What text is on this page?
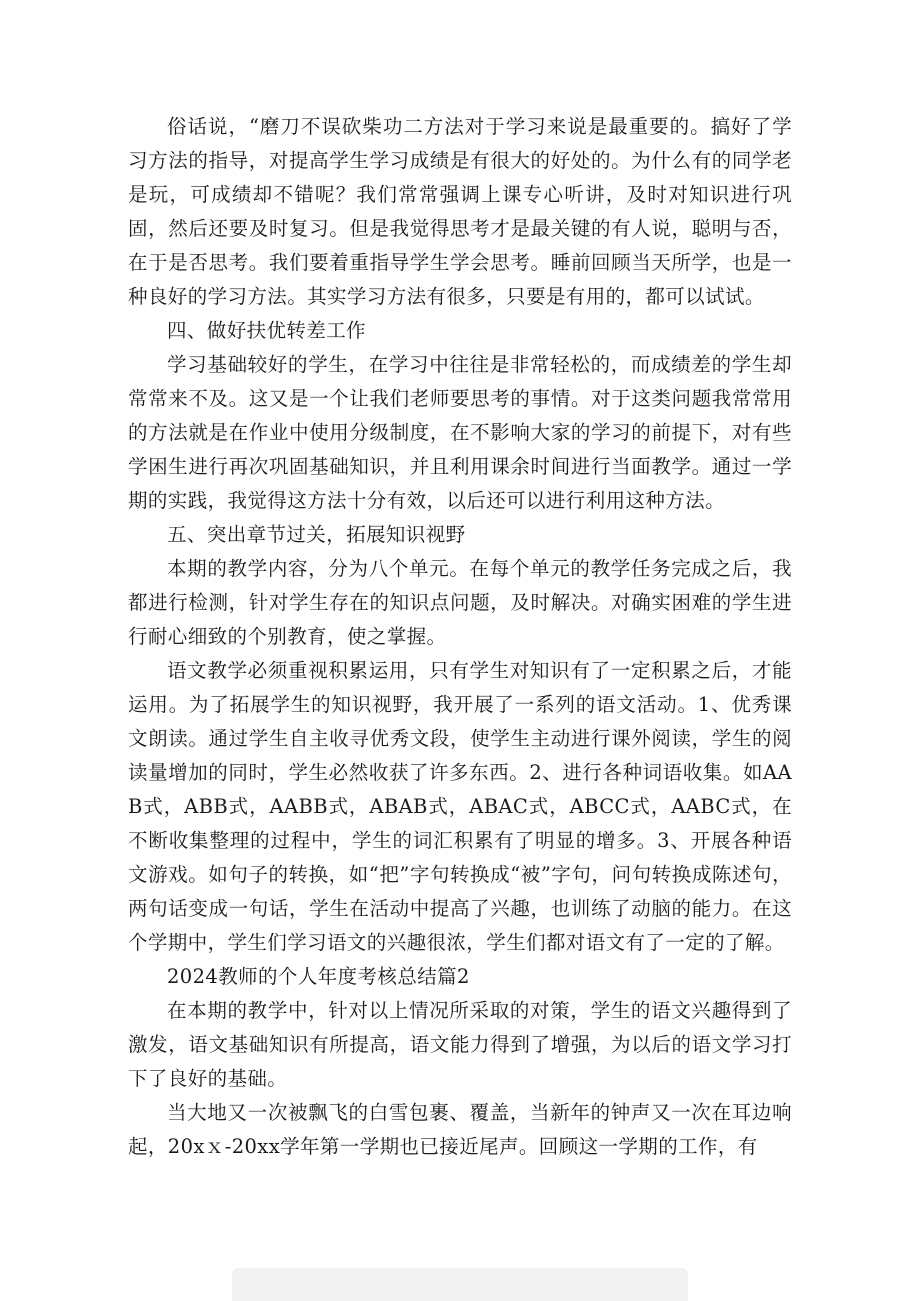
俗话说，“磨刀不误砍柴功二方法对于学习来说是最重要的。搞好了学习方法的指导，对提高学生学习成绩是有很大的好处的。为什么有的同学老是玩，可成绩却不错呢？我们常常强调上课专心听讲，及时对知识进行巩固，然后还要及时复习。但是我觉得思考才是最关键的有人说，聪明与否，在于是否思考。我们要着重指导学生学会思考。睡前回顾当天所学，也是一种良好的学习方法。其实学习方法有很多，只要是有用的，都可以试试。

四、做好扶优转差工作

学习基础较好的学生，在学习中往往是非常轻松的，而成绩差的学生却常常来不及。这又是一个让我们老师要思考的事情。对于这类问题我常常用的方法就是在作业中使用分级制度，在不影响大家的学习的前提下，对有些学困生进行再次巩固基础知识，并且利用课余时间进行当面教学。通过一学期的实践，我觉得这方法十分有效，以后还可以进行利用这种方法。

五、突出章节过关，拓展知识视野

本期的教学内容，分为八个单元。在每个单元的教学任务完成之后，我都进行检测，针对学生存在的知识点问题，及时解决。对确实困难的学生进行耐心细致的个别教育，使之掌握。

语文教学必须重视积累运用，只有学生对知识有了一定积累之后，才能运用。为了拓展学生的知识视野，我开展了一系列的语文活动。1、优秀课文朗读。通过学生自主收寻优秀文段，使学生主动进行课外阅读，学生的阅读量增加的同时，学生必然收获了许多东西。2、进行各种词语收集。如AAB式，ABB式，AABB式，ABAB式，ABAC式，ABCC式，AABC式，在不断收集整理的过程中，学生的词汇积累有了明显的增多。3、开展各种语文游戏。如句子的转换，如“把”字句转换成“被”字句，问句转换成陈述句，两句话变成一句话，学生在活动中提高了兴趣，也训练了动脑的能力。在这个学期中，学生们学习语文的兴趣很浓，学生们都对语文有了一定的了解。

2024教师的个人年度考核总结篇2

在本期的教学中，针对以上情况所采取的对策，学生的语文兴趣得到了激发，语文基础知识有所提高，语文能力得到了增强，为以后的语文学习打下了良好的基础。

当大地又一次被飘飞的白雪包裹、覆盖，当新年的钟声又一次在耳边响起，20xｘ-20xx学年第一学期也已接近尾声。回顾这一学期的工作，有
